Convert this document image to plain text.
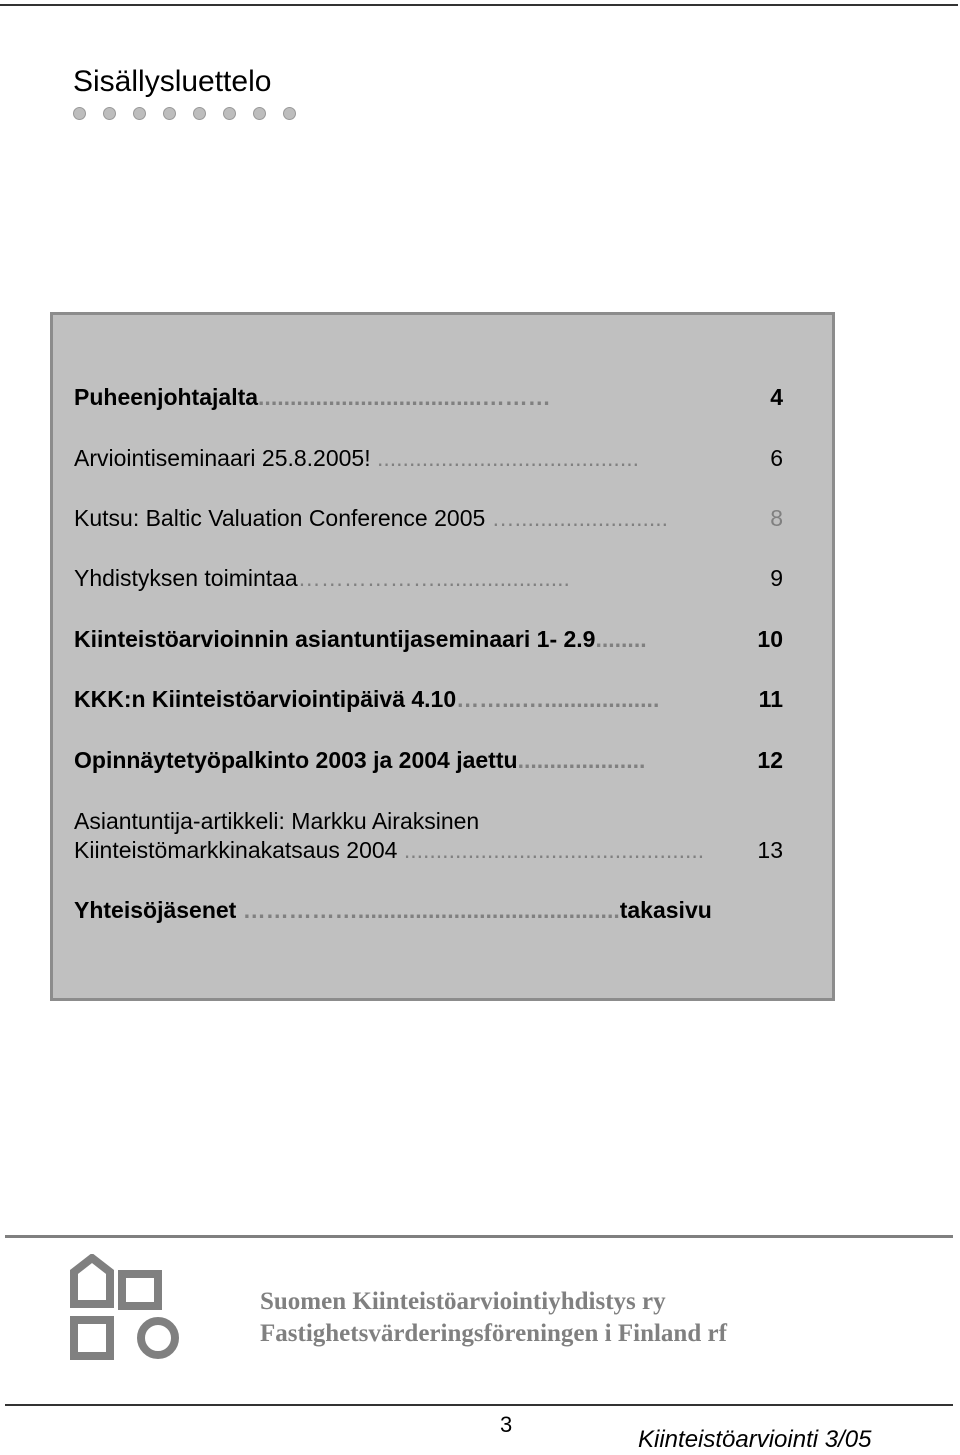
Sisällysluettelo
Puheenjohtajalta...................................………	4
Arviointiseminaari 25.8.2005! .........................................	6
Kutsu: Baltic Valuation Conference 2005 …........................	8
Yhdistyksen toimintaa……………….....................	9
Kiinteistöarvioinnin asiantuntijaseminaari 1- 2.9........	10
KKK:n Kiinteistöarviointipäivä 4.10……...…..................	11
Opinnäytetyöpalkinto 2003 ja 2004 jaettu....................	12
Asiantuntija-artikkeli: Markku Airaksinen
Kiinteistömarkkinakatsaus 2004 ...............................................	13
Yhteisöjäsenet …………….........................................takasivu
Suomen Kiinteistöarviointiyhdistys ry
Fastighetsvärderingsföreningen i Finland rf
3
Kiinteistöarviointi 3/05
